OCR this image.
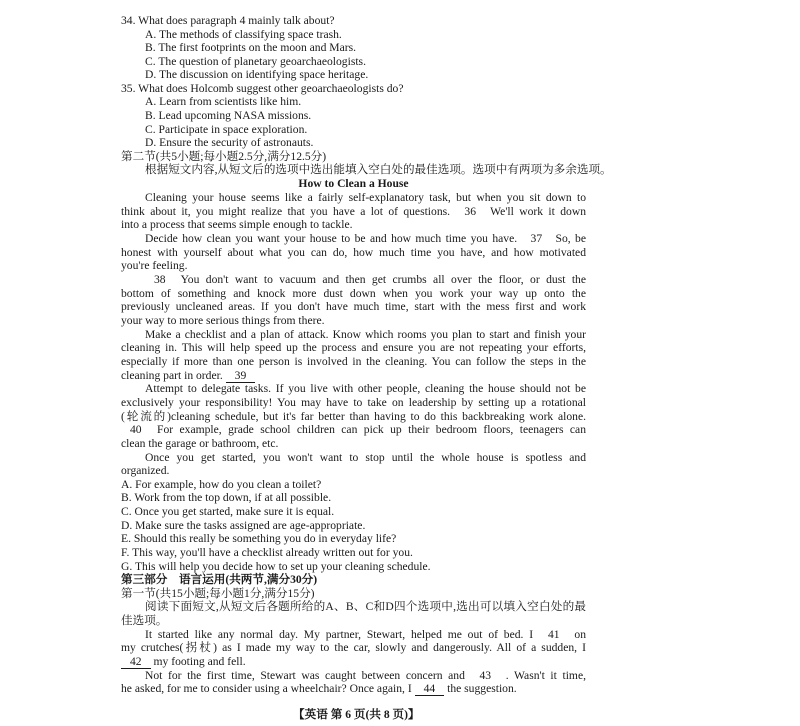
34. What does paragraph 4 mainly talk about?
A. The methods of classifying space trash.
B. The first footprints on the moon and Mars.
C. The question of planetary geoarchaeologists.
D. The discussion on identifying space heritage.
35. What does Holcomb suggest other geoarchaeologists do?
A. Learn from scientists like him.
B. Lead upcoming NASA missions.
C. Participate in space exploration.
D. Ensure the security of astronauts.
第二节(共5小题;每小题2.5分,满分12.5分)
根据短文内容,从短文后的选项中选出能填入空白处的最佳选项。选项中有两项为多余选项。
How to Clean a House
Cleaning your house seems like a fairly self-explanatory task, but when you sit down to
think about it, you might realize that you have a lot of questions. 36 We'll work it down
into a process that seems simple enough to tackle.
Decide how clean you want your house to be and how much time you have. 37 So, be
honest with yourself about what you can do, how much time you have, and how motivated
you're feeling.
38 You don't want to vacuum and then get crumbs all over the floor, or dust the
bottom of something and knock more dust down when you work your way up onto the
previously uncleaned areas. If you don't have much time, start with the mess first and work
your way to more serious things from there.
Make a checklist and a plan of attack. Know which rooms you plan to start and finish your
cleaning in. This will help speed up the process and ensure you are not repeating your efforts,
especially if more than one person is involved in the cleaning. You can follow the steps in the
cleaning part in order. 39
Attempt to delegate tasks. If you live with other people, cleaning the house should not be
exclusively your responsibility! You may have to take on leadership by setting up a rotational
(轮流的)cleaning schedule, but it's far better than having to do this backbreaking work alone.
40 For example, grade school children can pick up their bedroom floors, teenagers can
clean the garage or bathroom, etc.
Once you get started, you won't want to stop until the whole house is spotless and
organized.
A. For example, how do you clean a toilet?
B. Work from the top down, if at all possible.
C. Once you get started, make sure it is equal.
D. Make sure the tasks assigned are age-appropriate.
E. Should this really be something you do in everyday life?
F. This way, you'll have a checklist already written out for you.
G. This will help you decide how to set up your cleaning schedule.
第三部分　语言运用(共两节,满分30分)
第一节(共15小题;每小题1分,满分15分)
阅读下面短文,从短文后各题所给的A、B、C和D四个选项中,选出可以填入空白处的最
佳选项。
It started like any normal day. My partner, Stewart, helped me out of bed. I 41 on
my crutches(拐杖) as I made my way to the car, slowly and dangerously. All of a sudden, I
42 my footing and fell.
Not for the first time, Stewart was caught between concern and 43 . Wasn't it time,
he asked, for me to consider using a wheelchair? Once again, I 44 the suggestion.
【英语 第 6 页(共 8 页)】
